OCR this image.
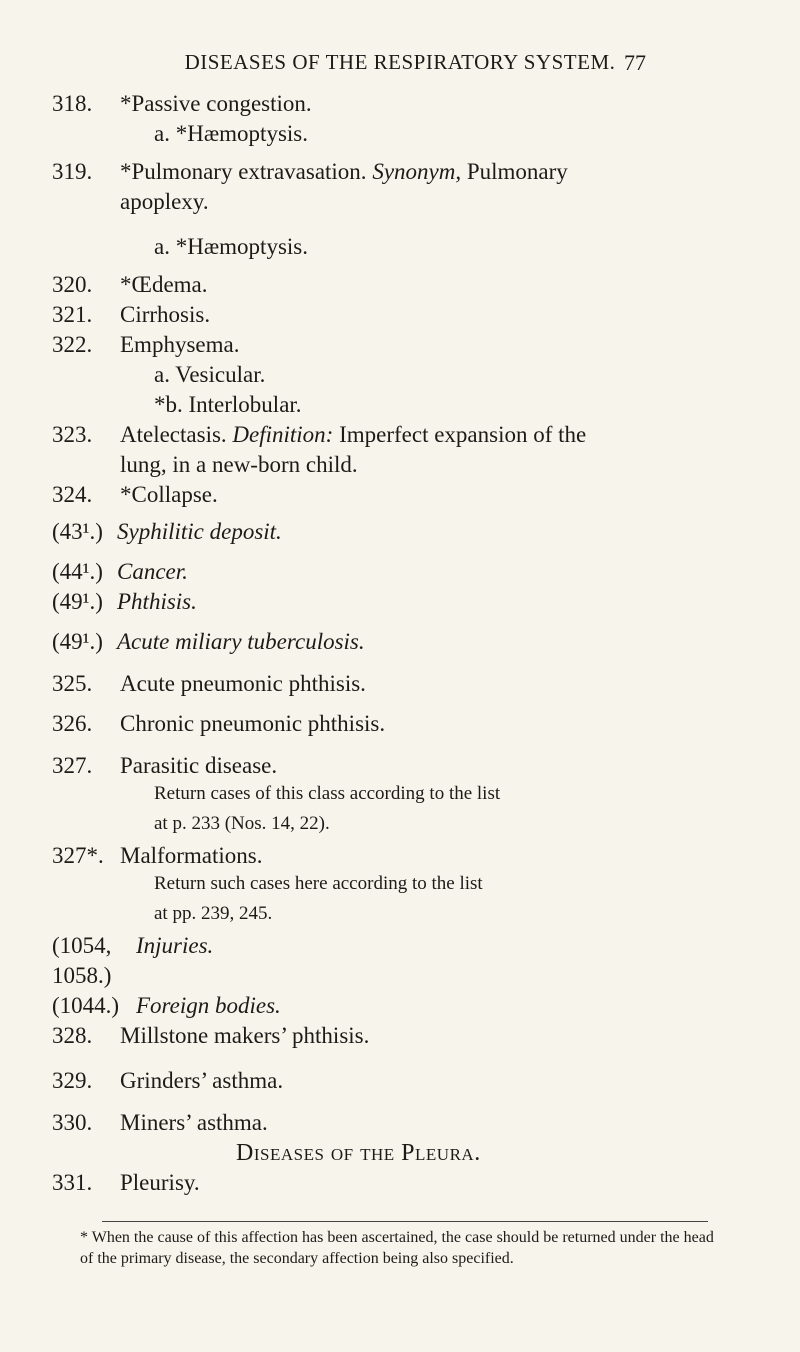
DISEASES OF THE RESPIRATORY SYSTEM. 77
318. *Passive congestion.
a. *Hæmoptysis.
319. *Pulmonary extravasation. Synonym, Pulmonary
apoplexy.
a. *Hæmoptysis.
320. *Œdema.
321. Cirrhosis.
322. Emphysema.
a. Vesicular.
*b. Interlobular.
323. Atelectasis. Definition: Imperfect expansion of the
lung, in a new-born child.
324. *Collapse.
(43¹.) Syphilitic deposit.
(44¹.) Cancer.
(49¹.) Phthisis.
(49¹.) Acute miliary tuberculosis.
325. Acute pneumonic phthisis.
326. Chronic pneumonic phthisis.
327. Parasitic disease.
Return cases of this class according to the list
at p. 233 (Nos. 14, 22).
327*. Malformations.
Return such cases here according to the list
at pp. 239, 245.
(1054, Injuries.
1058.)
(1044.) Foreign bodies.
328. Millstone makers’ phthisis.
329. Grinders’ asthma.
330. Miners’ asthma.
Diseases of the Pleura.
331. Pleurisy.
* When the cause of this affection has been ascertained, the case should be returned under the head of the primary disease, the secondary affection being also specified.
